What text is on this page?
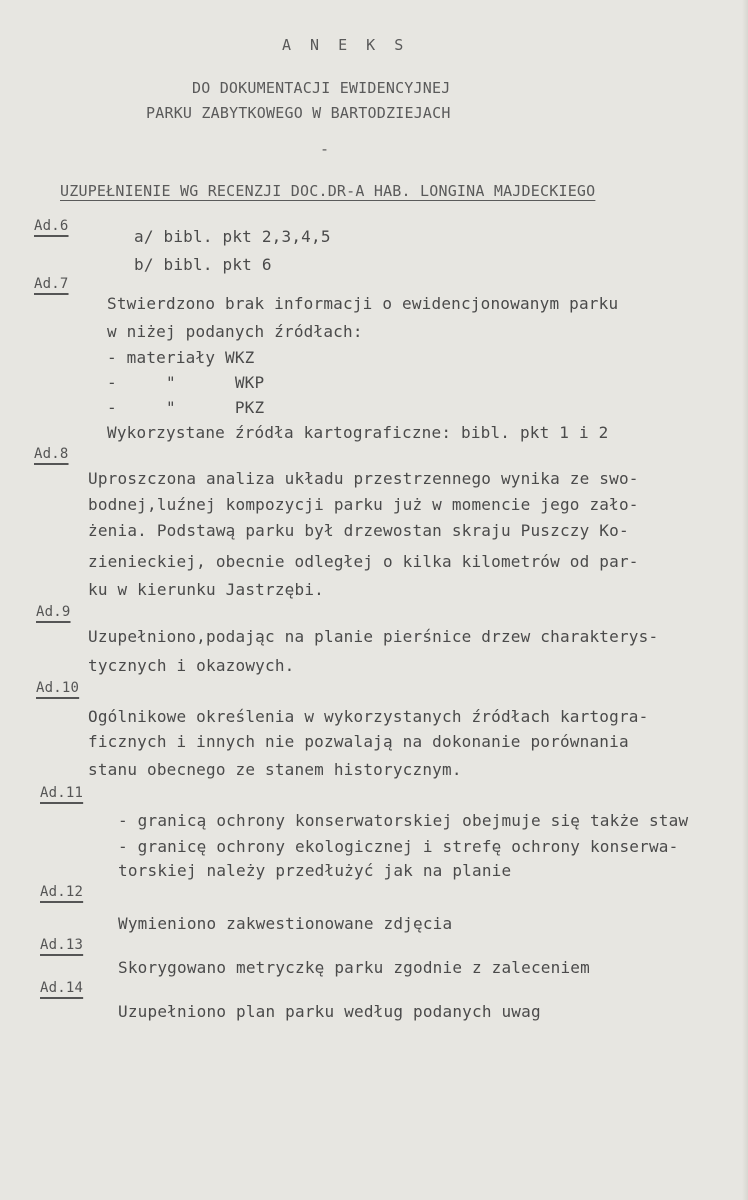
A N E K S
DO DOKUMENTACJI EWIDENCYJNEJ
PARKU ZABYTKOWEGO W BARTODZIEJACH
-
UZUPEŁNIENIE WG RECENZJI DOC.DR-A HAB. LONGINA MAJDECKIEGO
Ad.6
a/ bibl. pkt 2,3,4,5
b/ bibl. pkt 6
Ad.7
Stwierdzono brak informacji o ewidencjonowanym parku
w niżej podanych źródłach:
- materiały WKZ
-     "      WKP
-     "      PKZ
Wykorzystane źródła kartograficzne: bibl. pkt 1 i 2
Ad.8
Uproszczona analiza układu przestrzennego wynika ze swo-
bodnej,luźnej kompozycji parku już w momencie jego zało-
żenia. Podstawą parku był drzewostan skraju Puszczy Ko-
zienieckiej, obecnie odległej o kilka kilometrów od par-
ku w kierunku Jastrzębi.
Ad.9
Uzupełniono,podając na planie pierśnice drzew charakterys-
tycznych i okazowych.
Ad.10
Ogólnikowe określenia w wykorzystanych źródłach kartogra-
ficznych i innych nie pozwalają na dokonanie porównania
stanu obecnego ze stanem historycznym.
Ad.11
- granicą ochrony konserwatorskiej obejmuje się także staw
- granicę ochrony ekologicznej i strefę ochrony konserwa-
torskiej należy przedłużyć jak na planie
Ad.12
Wymieniono zakwestionowane zdjęcia
Ad.13
Skorygowano metryczkę parku zgodnie z zaleceniem
Ad.14
Uzupełniono plan parku według podanych uwag
